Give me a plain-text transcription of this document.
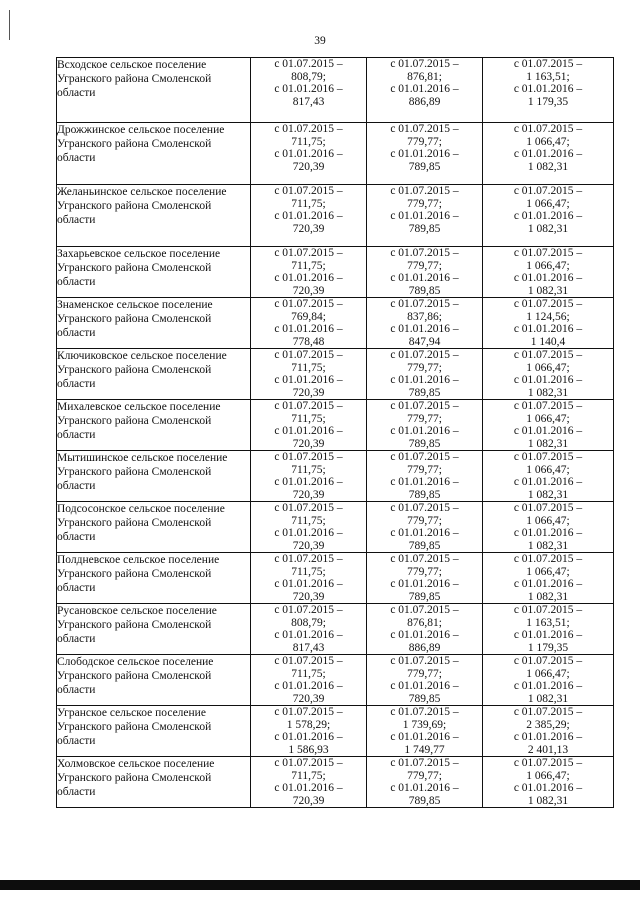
39
Всходское сельское поселение Угранского района Смоленской области	с 01.07.2015 –
808,79;
с 01.01.2016 –
817,43	с 01.07.2015 –
876,81;
с 01.01.2016 –
886,89	с 01.07.2015 –
1 163,51;
с 01.01.2016 –
1 179,35

Дрожжинское сельское поселение Угранского района Смоленской области	с 01.07.2015 –
711,75;
с 01.01.2016 –
720,39	с 01.07.2015 –
779,77;
с 01.01.2016 –
789,85	с 01.07.2015 –
1 066,47;
с 01.01.2016 –
1 082,31

Желаньинское сельское поселение Угранского района Смоленской области	с 01.07.2015 –
711,75;
с 01.01.2016 –
720,39	с 01.07.2015 –
779,77;
с 01.01.2016 –
789,85	с 01.07.2015 –
1 066,47;
с 01.01.2016 –
1 082,31

Захарьевское сельское поселение Угранского района Смоленской области	с 01.07.2015 –
711,75;
с 01.01.2016 –
720,39	с 01.07.2015 –
779,77;
с 01.01.2016 –
789,85	с 01.07.2015 –
1 066,47;
с 01.01.2016 –
1 082,31

Знаменское сельское поселение Угранского района Смоленской области	с 01.07.2015 –
769,84;
с 01.01.2016 –
778,48	с 01.07.2015 –
837,86;
с 01.01.2016 –
847,94	с 01.07.2015 –
1 124,56;
с 01.01.2016 –
1 140,4

Ключиковское сельское поселение Угранского района Смоленской области	с 01.07.2015 –
711,75;
с 01.01.2016 –
720,39	с 01.07.2015 –
779,77;
с 01.01.2016 –
789,85	с 01.07.2015 –
1 066,47;
с 01.01.2016 –
1 082,31

Михалевское сельское поселение Угранского района Смоленской области	с 01.07.2015 –
711,75;
с 01.01.2016 –
720,39	с 01.07.2015 –
779,77;
с 01.01.2016 –
789,85	с 01.07.2015 –
1 066,47;
с 01.01.2016 –
1 082,31

Мытишинское сельское поселение Угранского района Смоленской области	с 01.07.2015 –
711,75;
с 01.01.2016 –
720,39	с 01.07.2015 –
779,77;
с 01.01.2016 –
789,85	с 01.07.2015 –
1 066,47;
с 01.01.2016 –
1 082,31

Подсосонское сельское поселение Угранского района Смоленской области	с 01.07.2015 –
711,75;
с 01.01.2016 –
720,39	с 01.07.2015 –
779,77;
с 01.01.2016 –
789,85	с 01.07.2015 –
1 066,47;
с 01.01.2016 –
1 082,31

Полдневское сельское поселение Угранского района Смоленской области	с 01.07.2015 –
711,75;
с 01.01.2016 –
720,39	с 01.07.2015 –
779,77;
с 01.01.2016 –
789,85	с 01.07.2015 –
1 066,47;
с 01.01.2016 –
1 082,31

Русановское сельское поселение Угранского района Смоленской области	с 01.07.2015 –
808,79;
с 01.01.2016 –
817,43	с 01.07.2015 –
876,81;
с 01.01.2016 –
886,89	с 01.07.2015 –
1 163,51;
с 01.01.2016 –
1 179,35

Слободское сельское поселение Угранского района Смоленской области	с 01.07.2015 –
711,75;
с 01.01.2016 –
720,39	с 01.07.2015 –
779,77;
с 01.01.2016 –
789,85	с 01.07.2015 –
1 066,47;
с 01.01.2016 –
1 082,31

Угранское сельское поселение Угранского района Смоленской области	с 01.07.2015 –
1 578,29;
с 01.01.2016 –
1 586,93	с 01.07.2015 –
1 739,69;
с 01.01.2016 –
1 749,77	с 01.07.2015 –
2 385,29;
с 01.01.2016 –
2 401,13

Холмовское сельское поселение Угранского района Смоленской области	с 01.07.2015 –
711,75;
с 01.01.2016 –
720,39	с 01.07.2015 –
779,77;
с 01.01.2016 –
789,85	с 01.07.2015 –
1 066,47;
с 01.01.2016 –
1 082,31
